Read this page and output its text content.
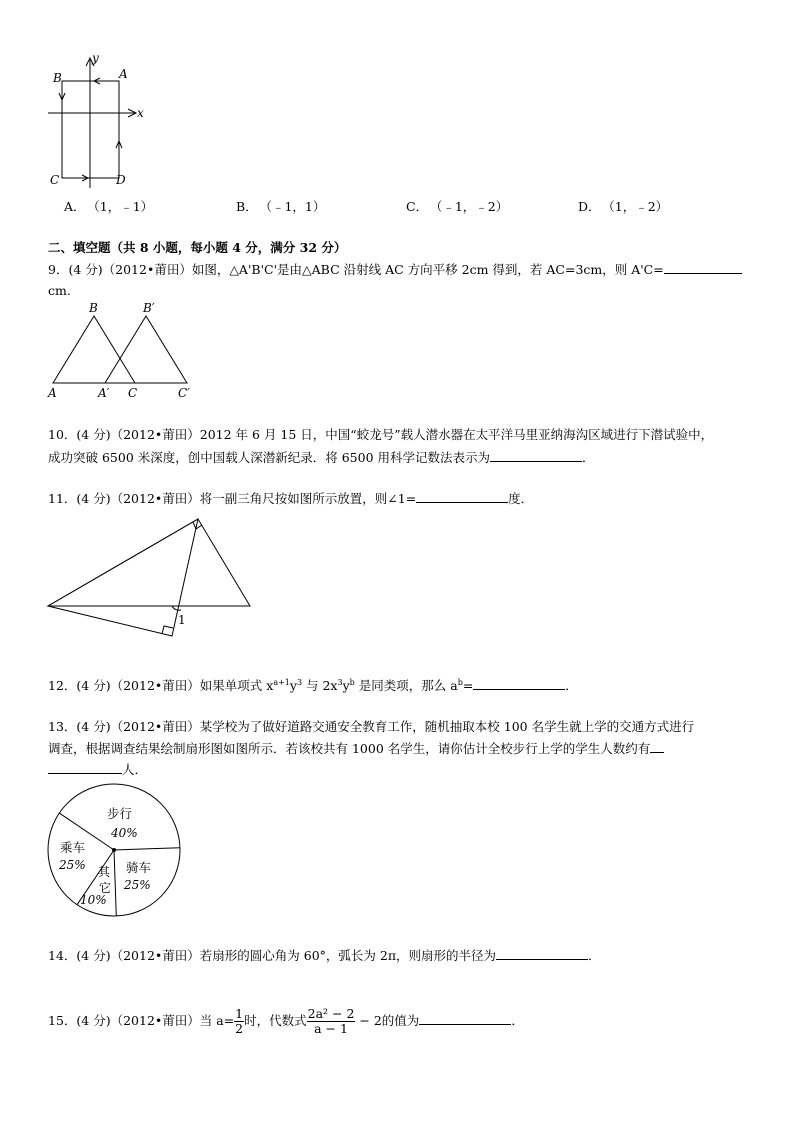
y
x
B	A
C	D
A． （1，﹣1）	B． （﹣1，1）	C． （﹣1，﹣2）	D． （1，﹣2）
二、填空题（共 8 小题，每小题 4 分，满分 32 分）
9．(4 分)（2012•莆田）如图，△A'B'C'是由△ABC 沿射线 AC 方向平移 2cm 得到，若 AC=3cm，则 A'C=
cm.
B	B′
A	A′ C	C′
10．(4 分)（2012•莆田）2012 年 6 月 15 日，中国“蛟龙号”载人潜水器在太平洋马里亚纳海沟区域进行下潜试验中，
成功突破 6500 米深度，创中国载人深潜新纪录．将 6500 用科学记数法表示为	．
11．(4 分)（2012•莆田）将一副三角尺按如图所示放置，则∠1=	度．
1
12．(4 分)（2012•莆田）如果单项式 $x^{a+1}y^3$ 与 $2x^3y^b$ 是同类项，那么 $a^b=$	．
13．(4 分)（2012•莆田）某学校为了做好道路交通安全教育工作，随机抽取本校 100 名学生就上学的交通方式进行
调查，根据调查结果绘制扇形图如图所示．若该校共有 1000 名学生，请你估计全校步行上学的学生人数约有
人．
步行
40%
骑车
25%
其
它
10%
乘车
25%
14．(4 分)（2012•莆田）若扇形的圆心角为 60°，弧长为 2π，则扇形的半径为	．
15．(4 分)（2012•莆田）当 $a= \frac{1}{2}$ 时，代数式 $\frac{\text{2a² − 2}}{a - 1} - 2$的值为	．
